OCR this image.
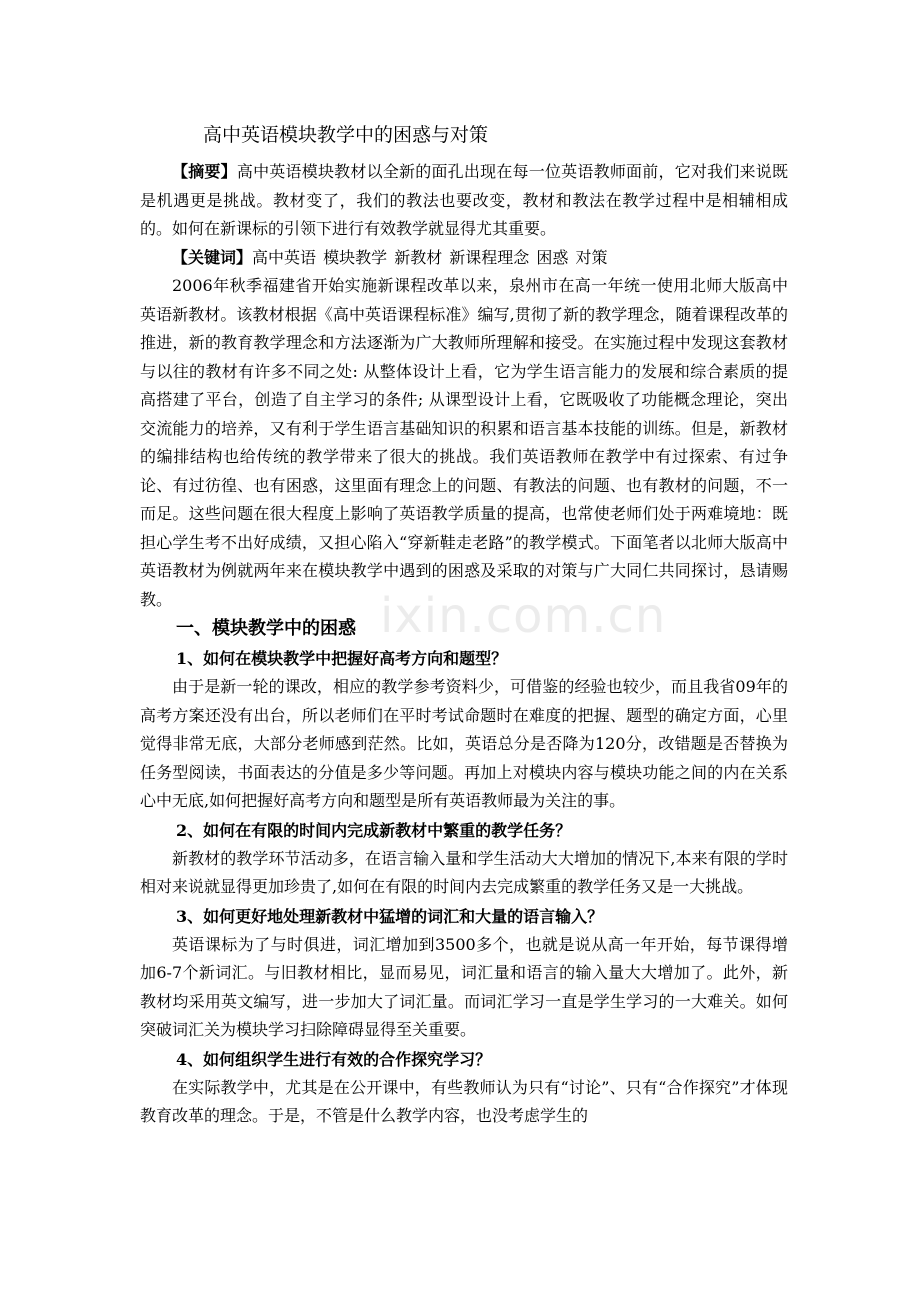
高中英语模块教学中的困惑与对策

【摘要】高中英语模块教材以全新的面孔出现在每一位英语教师面前，它对我们来说既是机遇更是挑战。教材变了，我们的教法也要改变，教材和教法在教学过程中是相辅相成的。如何在新课标的引领下进行有效教学就显得尤其重要。

【关键词】高中英语 模块教学 新教材 新课程理念 困惑 对策

2006年秋季福建省开始实施新课程改革以来，泉州市在高一年统一使用北师大版高中英语新教材。该教材根据《高中英语课程标准》编写,贯彻了新的教学理念，随着课程改革的推进，新的教育教学理念和方法逐渐为广大教师所理解和接受。在实施过程中发现这套教材与以往的教材有许多不同之处: 从整体设计上看，它为学生语言能力的发展和综合素质的提高搭建了平台，创造了自主学习的条件; 从课型设计上看，它既吸收了功能概念理论，突出交流能力的培养，又有利于学生语言基础知识的积累和语言基本技能的训练。但是，新教材的编排结构也给传统的教学带来了很大的挑战。我们英语教师在教学中有过探索、有过争论、有过彷徨、也有困惑，这里面有理念上的问题、有教法的问题、也有教材的问题，不一而足。这些问题在很大程度上影响了英语教学质量的提高，也常使老师们处于两难境地：既担心学生考不出好成绩，又担心陷入“穿新鞋走老路”的教学模式。下面笔者以北师大版高中英语教材为例就两年来在模块教学中遇到的困惑及采取的对策与广大同仁共同探讨，恳请赐教。

一、模块教学中的困惑
1、如何在模块教学中把握好高考方向和题型？

由于是新一轮的课改，相应的教学参考资料少，可借鉴的经验也较少，而且我省09年的高考方案还没有出台，所以老师们在平时考试命题时在难度的把握、题型的确定方面，心里觉得非常无底，大部分老师感到茫然。比如，英语总分是否降为120分，改错题是否替换为任务型阅读，书面表达的分值是多少等问题。再加上对模块内容与模块功能之间的内在关系心中无底,如何把握好高考方向和题型是所有英语教师最为关注的事。

2、如何在有限的时间内完成新教材中繁重的教学任务？

新教材的教学环节活动多，在语言输入量和学生活动大大增加的情况下,本来有限的学时相对来说就显得更加珍贵了,如何在有限的时间内去完成繁重的教学任务又是一大挑战。

3、如何更好地处理新教材中猛增的词汇和大量的语言输入？

英语课标为了与时俱进，词汇增加到3500多个，也就是说从高一年开始，每节课得增加6-7个新词汇。与旧教材相比，显而易见，词汇量和语言的输入量大大增加了。此外，新教材均采用英文编写，进一步加大了词汇量。而词汇学习一直是学生学习的一大难关。如何突破词汇关为模块学习扫除障碍显得至关重要。

4、如何组织学生进行有效的合作探究学习？

在实际教学中，尤其是在公开课中，有些教师认为只有“讨论”、只有“合作探究”才体现教育改革的理念。于是，不管是什么教学内容，也没考虑学生的

ixin.com.cn
